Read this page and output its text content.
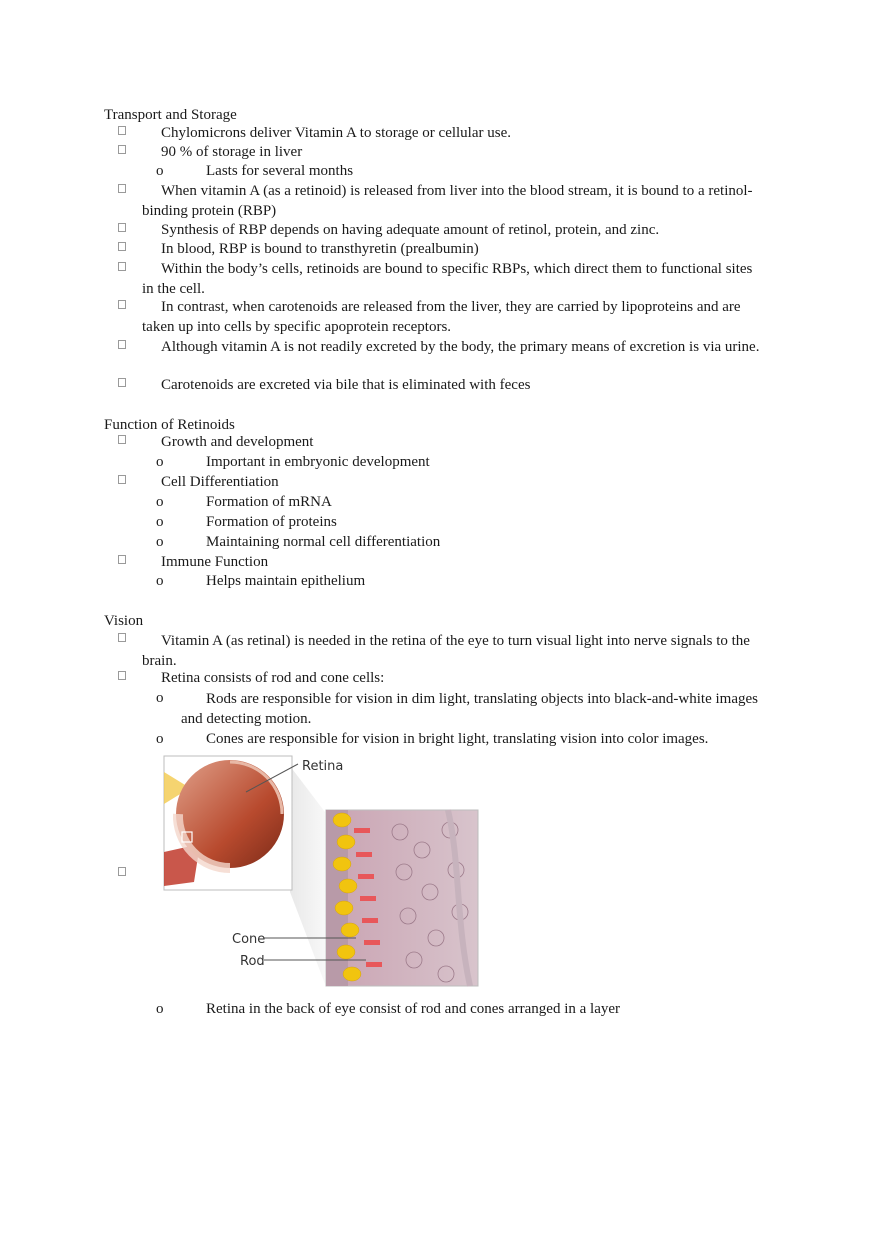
Transport and Storage
Chylomicrons deliver Vitamin A to storage or cellular use.
90 % of storage in liver
o	Lasts for several months
When vitamin A (as a retinoid) is released from liver into the blood stream, it is bound to a retinol-binding protein (RBP)
Synthesis of RBP depends on having adequate amount of retinol, protein, and zinc.
In blood, RBP is bound to transthyretin (prealbumin)
Within the body’s cells, retinoids are bound to specific RBPs, which direct them to functional sites in the cell.
In contrast, when carotenoids are released from the liver, they are carried by lipoproteins and are taken up into cells by specific apoprotein receptors.
Although vitamin A is not readily excreted by the body, the primary means of excretion is via urine.
Carotenoids are excreted via bile that is eliminated with feces
Function of Retinoids
Growth and development
o	Important in embryonic development
Cell Differentiation
o	Formation of mRNA
o	Formation of proteins
o	Maintaining normal cell differentiation
Immune Function
o	Helps maintain epithelium
Vision
Vitamin A (as retinal) is needed in the retina of the eye to turn visual light into nerve signals to the brain.
Retina consists of rod and cone cells:
o	Rods are responsible for vision in dim light, translating objects into black-and-white images and detecting motion.
o	Cones are responsible for vision in bright light, translating vision into color images.
Retina
Cone
Rod
o	Retina in the back of eye consist of rod and cones arranged in a layer
